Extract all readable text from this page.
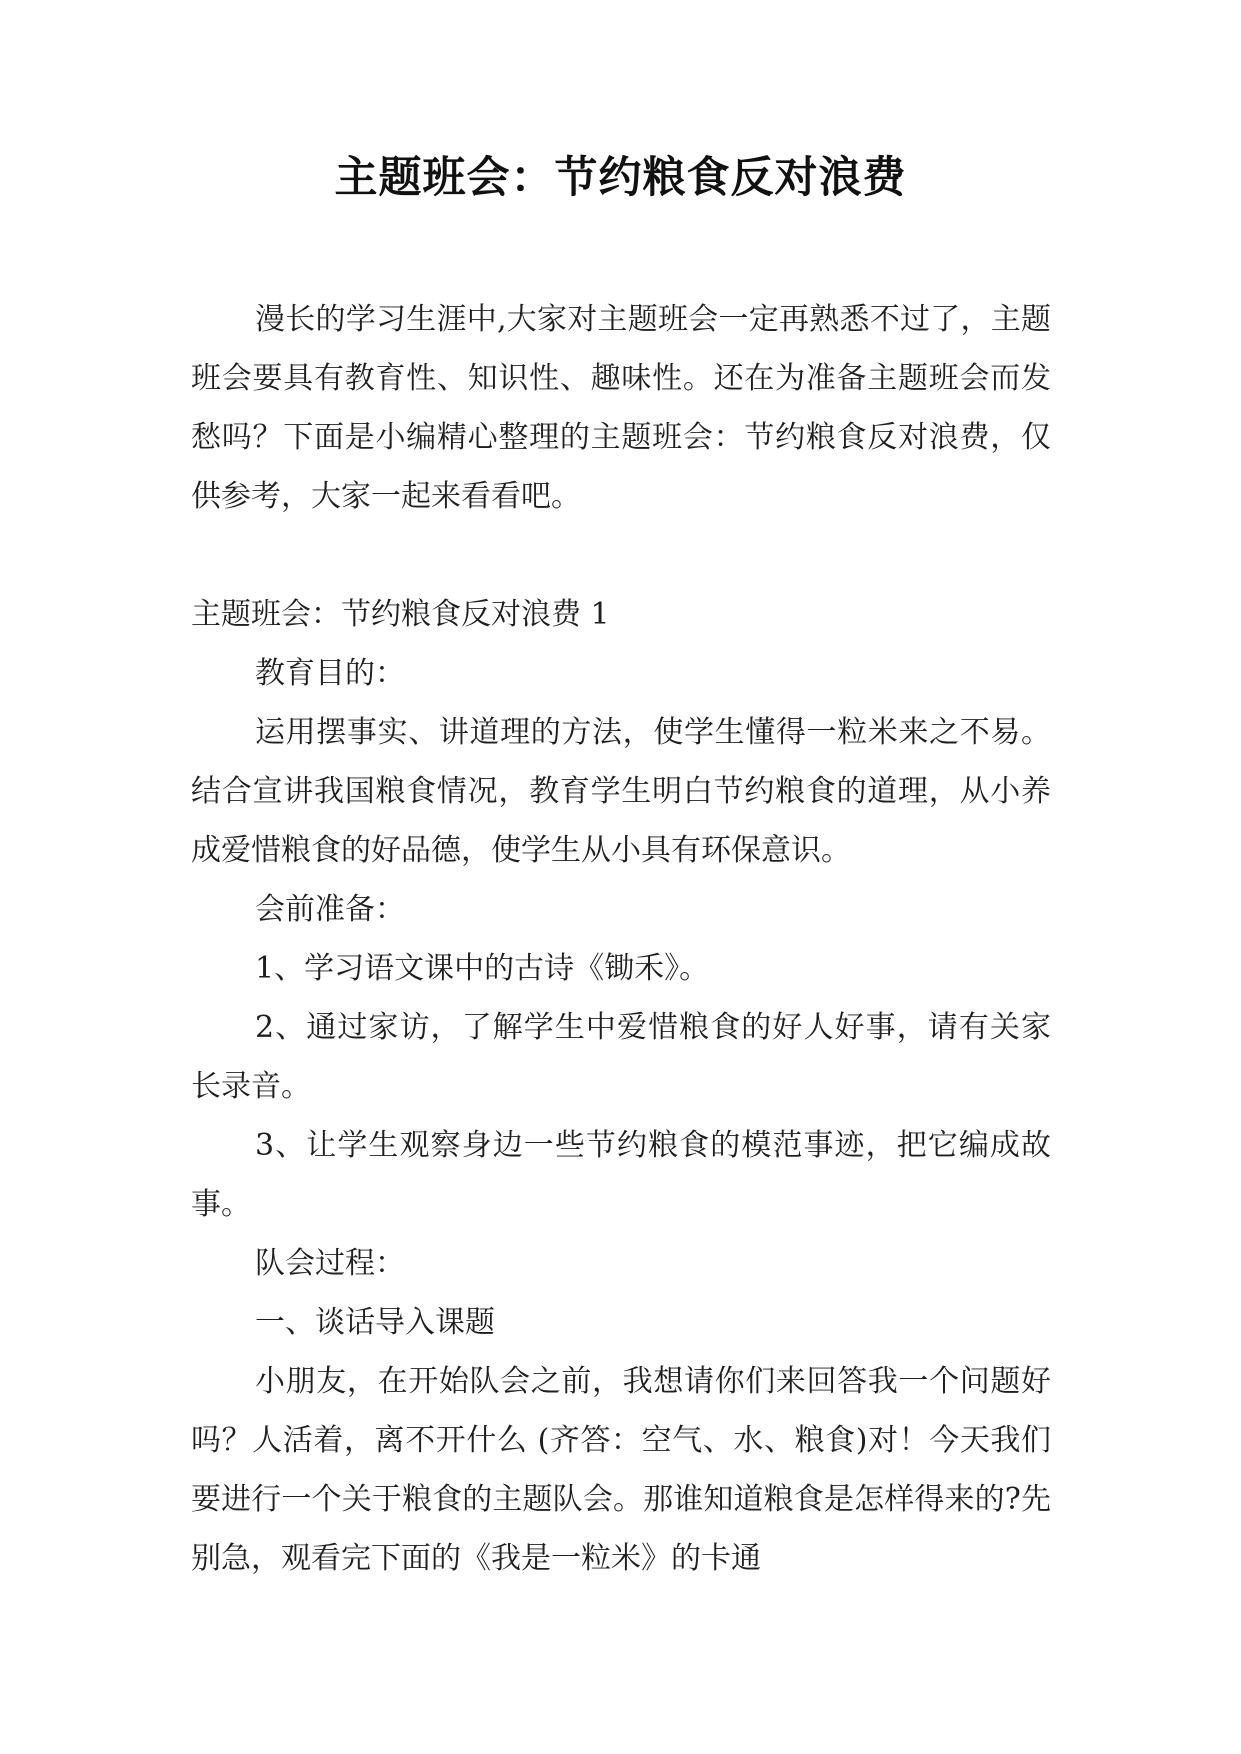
主题班会：节约粮食反对浪费

漫长的学习生涯中,大家对主题班会一定再熟悉不过了，主题班会要具有教育性、知识性、趣味性。还在为准备主题班会而发愁吗？下面是小编精心整理的主题班会：节约粮食反对浪费，仅供参考，大家一起来看看吧。

主题班会：节约粮食反对浪费 1

教育目的：

运用摆事实、讲道理的方法，使学生懂得一粒米来之不易。结合宣讲我国粮食情况，教育学生明白节约粮食的道理，从小养成爱惜粮食的好品德，使学生从小具有环保意识。

会前准备：

1、学习语文课中的古诗《锄禾》。

2、通过家访，了解学生中爱惜粮食的好人好事，请有关家长录音。

3、让学生观察身边一些节约粮食的模范事迹，把它编成故事。

队会过程：

一、谈话导入课题

小朋友，在开始队会之前，我想请你们来回答我一个问题好吗？人活着，离不开什么 (齐答：空气、水、粮食)对！今天我们要进行一个关于粮食的主题队会。那谁知道粮食是怎样得来的?先别急，观看完下面的《我是一粒米》的卡通
